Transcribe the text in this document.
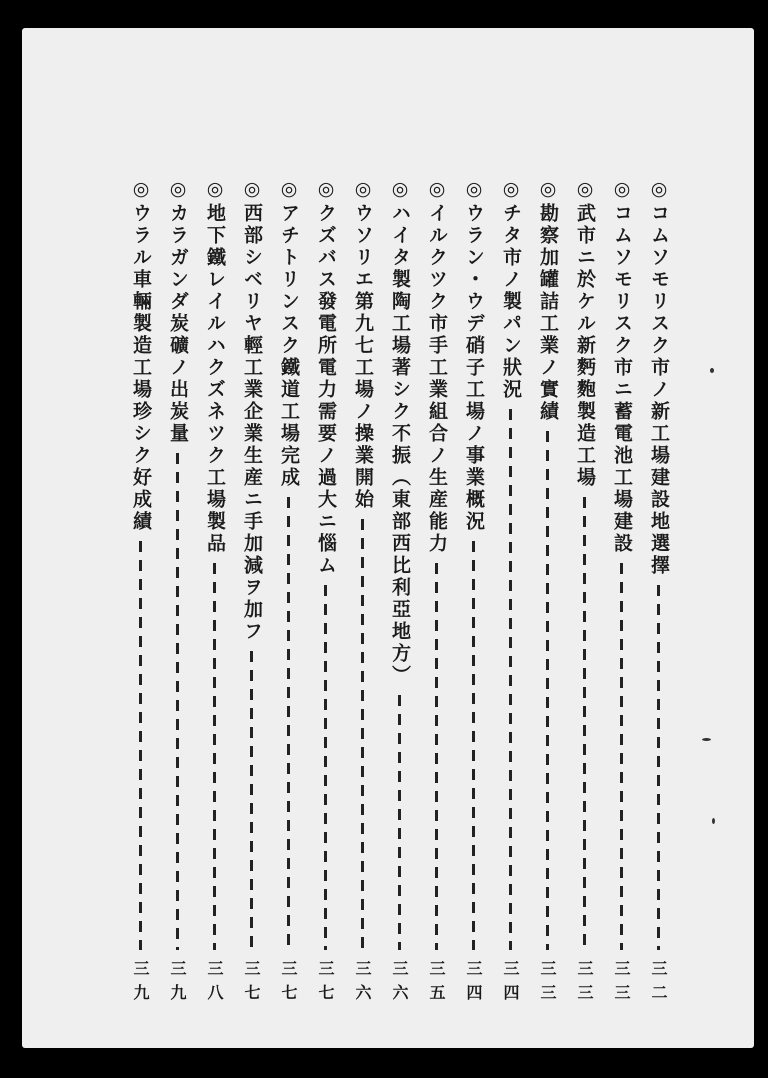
◎コムソモリスク市ノ新工場建設地選擇
三二
◎コムソモリスク市ニ蓄電池工場建設
三三
◎武市ニ於ケル新麪麭製造工場
三三
◎勘察加罐詰工業ノ實績
三三
◎チタ市ノ製パン狀況
三四
◎ウラン・ウデ硝子工場ノ事業概況
三四
◎イルクツク市手工業組合ノ生産能力
三五
◎ハイタ製陶工場著シク不振（東部西比利亞地方）
三六
◎ウソリエ第九七工場ノ操業開始
三六
◎クズバス發電所電力需要ノ過大ニ惱ム
三七
◎アチトリンスク鐵道工場完成
三七
◎西部シベリヤ輕工業企業生産ニ手加減ヲ加フ
三七
◎地下鐵レイルハクズネツク工場製品
三八
◎カラガンダ炭礦ノ出炭量
三九
◎ウラル車輛製造工場珍シク好成績
三九
